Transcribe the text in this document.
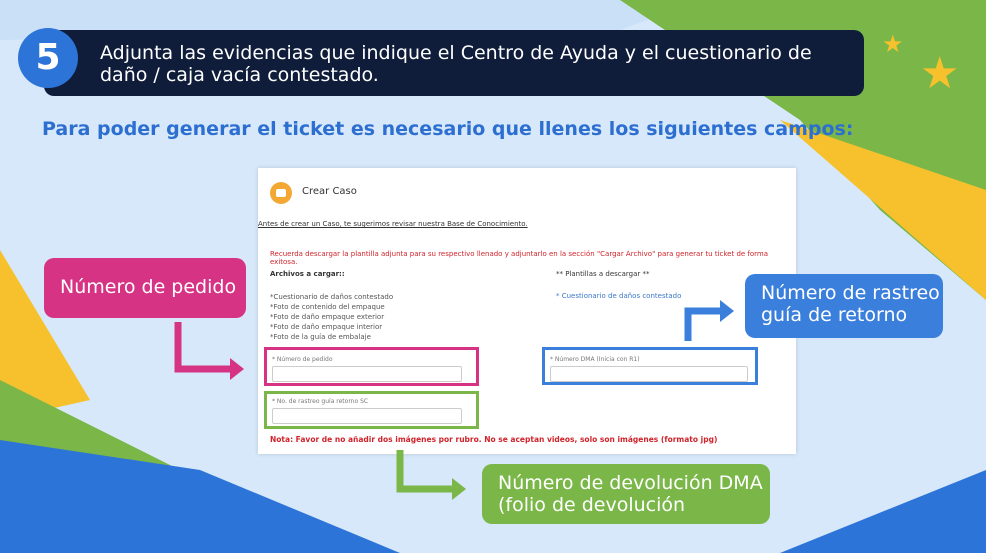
Adjunta las evidencias que indique el Centro de Ayuda y el cuestionario de daño / caja vacía contestado.
5	★
★
Para poder generar el ticket es necesario que llenes los siguientes campos:
Crear Caso
Antes de crear un Caso, te sugerimos revisar nuestra Base de Conocimiento.
Recuerda descargar la plantilla adjunta para su respectivo llenado y adjuntarlo en la sección "Cargar Archivo" para generar tu ticket de forma exitosa.
Archivos a cargar::	** Plantillas a descargar **
*Cuestionario de daños contestado
*Foto de contenido del empaque
*Foto de daño empaque exterior
*Foto de daño empaque interior
*Foto de la guía de embalaje
* Cuestionario de daños contestado
* Número de pedido	* Número DMA (Inicia con R1)
* No. de rastreo guía retorno SC
Nota: Favor de no añadir dos imágenes por rubro. No se aceptan videos, solo son imágenes (formato jpg)
Número de pedido	Número de rastreo guía de retorno
Número de devolución DMA (folio de devolución
